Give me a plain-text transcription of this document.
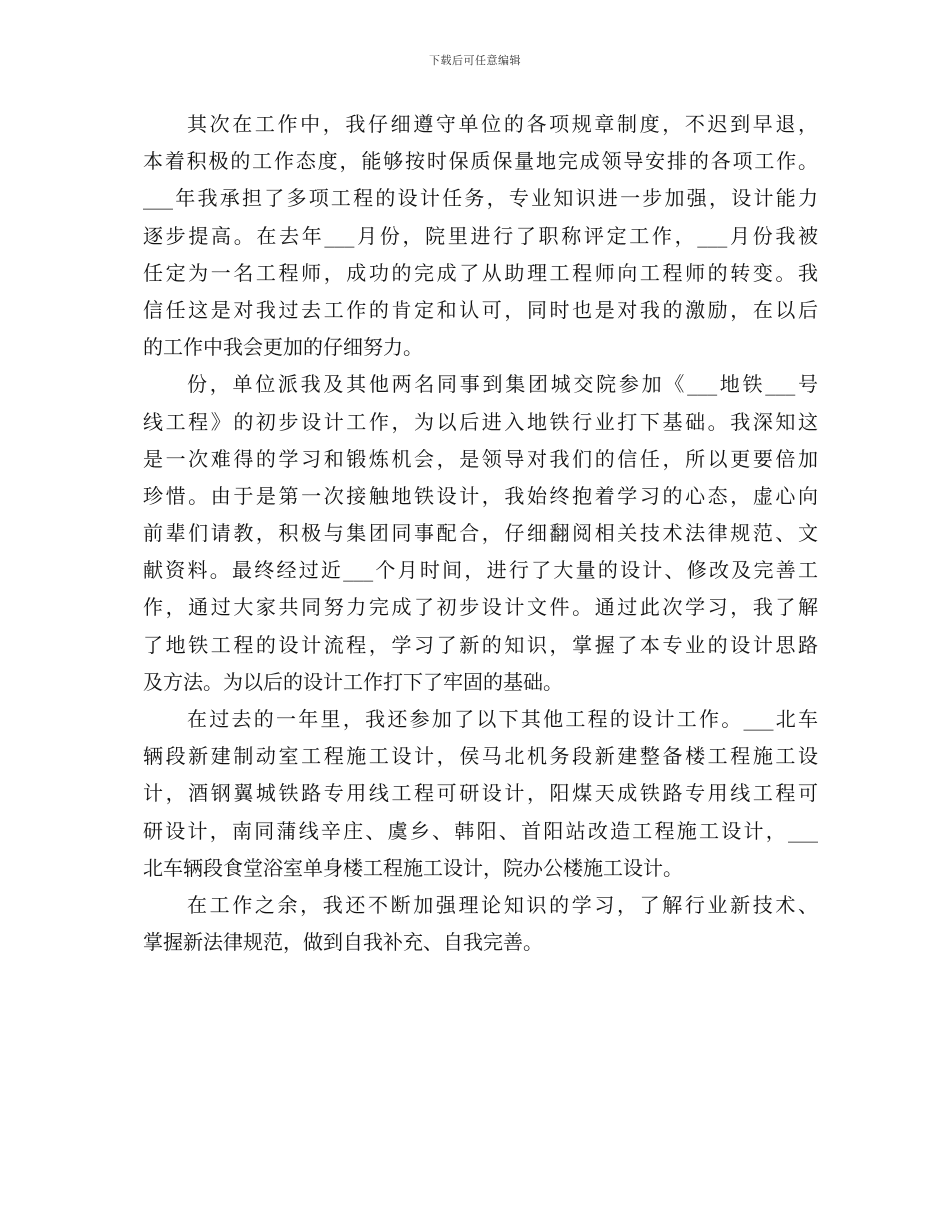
下载后可任意编辑
其次在工作中，我仔细遵守单位的各项规章制度，不迟到早退，
本着积极的工作态度，能够按时保质保量地完成领导安排的各项工作。
___年我承担了多项工程的设计任务，专业知识进一步加强，设计能力
逐步提高。在去年___月份，院里进行了职称评定工作，___月份我被
任定为一名工程师，成功的完成了从助理工程师向工程师的转变。我
信任这是对我过去工作的肯定和认可，同时也是对我的激励，在以后
的工作中我会更加的仔细努力。
份，单位派我及其他两名同事到集团城交院参加《___地铁___号
线工程》的初步设计工作，为以后进入地铁行业打下基础。我深知这
是一次难得的学习和锻炼机会，是领导对我们的信任，所以更要倍加
珍惜。由于是第一次接触地铁设计，我始终抱着学习的心态，虚心向
前辈们请教，积极与集团同事配合，仔细翻阅相关技术法律规范、文
献资料。最终经过近___个月时间，进行了大量的设计、修改及完善工
作，通过大家共同努力完成了初步设计文件。通过此次学习，我了解
了地铁工程的设计流程，学习了新的知识，掌握了本专业的设计思路
及方法。为以后的设计工作打下了牢固的基础。
在过去的一年里，我还参加了以下其他工程的设计工作。___北车
辆段新建制动室工程施工设计，侯马北机务段新建整备楼工程施工设
计，酒钢翼城铁路专用线工程可研设计，阳煤天成铁路专用线工程可
研设计，南同蒲线辛庄、虞乡、韩阳、首阳站改造工程施工设计，___
北车辆段食堂浴室单身楼工程施工设计，院办公楼施工设计。
在工作之余，我还不断加强理论知识的学习，了解行业新技术、
掌握新法律规范，做到自我补充、自我完善。
